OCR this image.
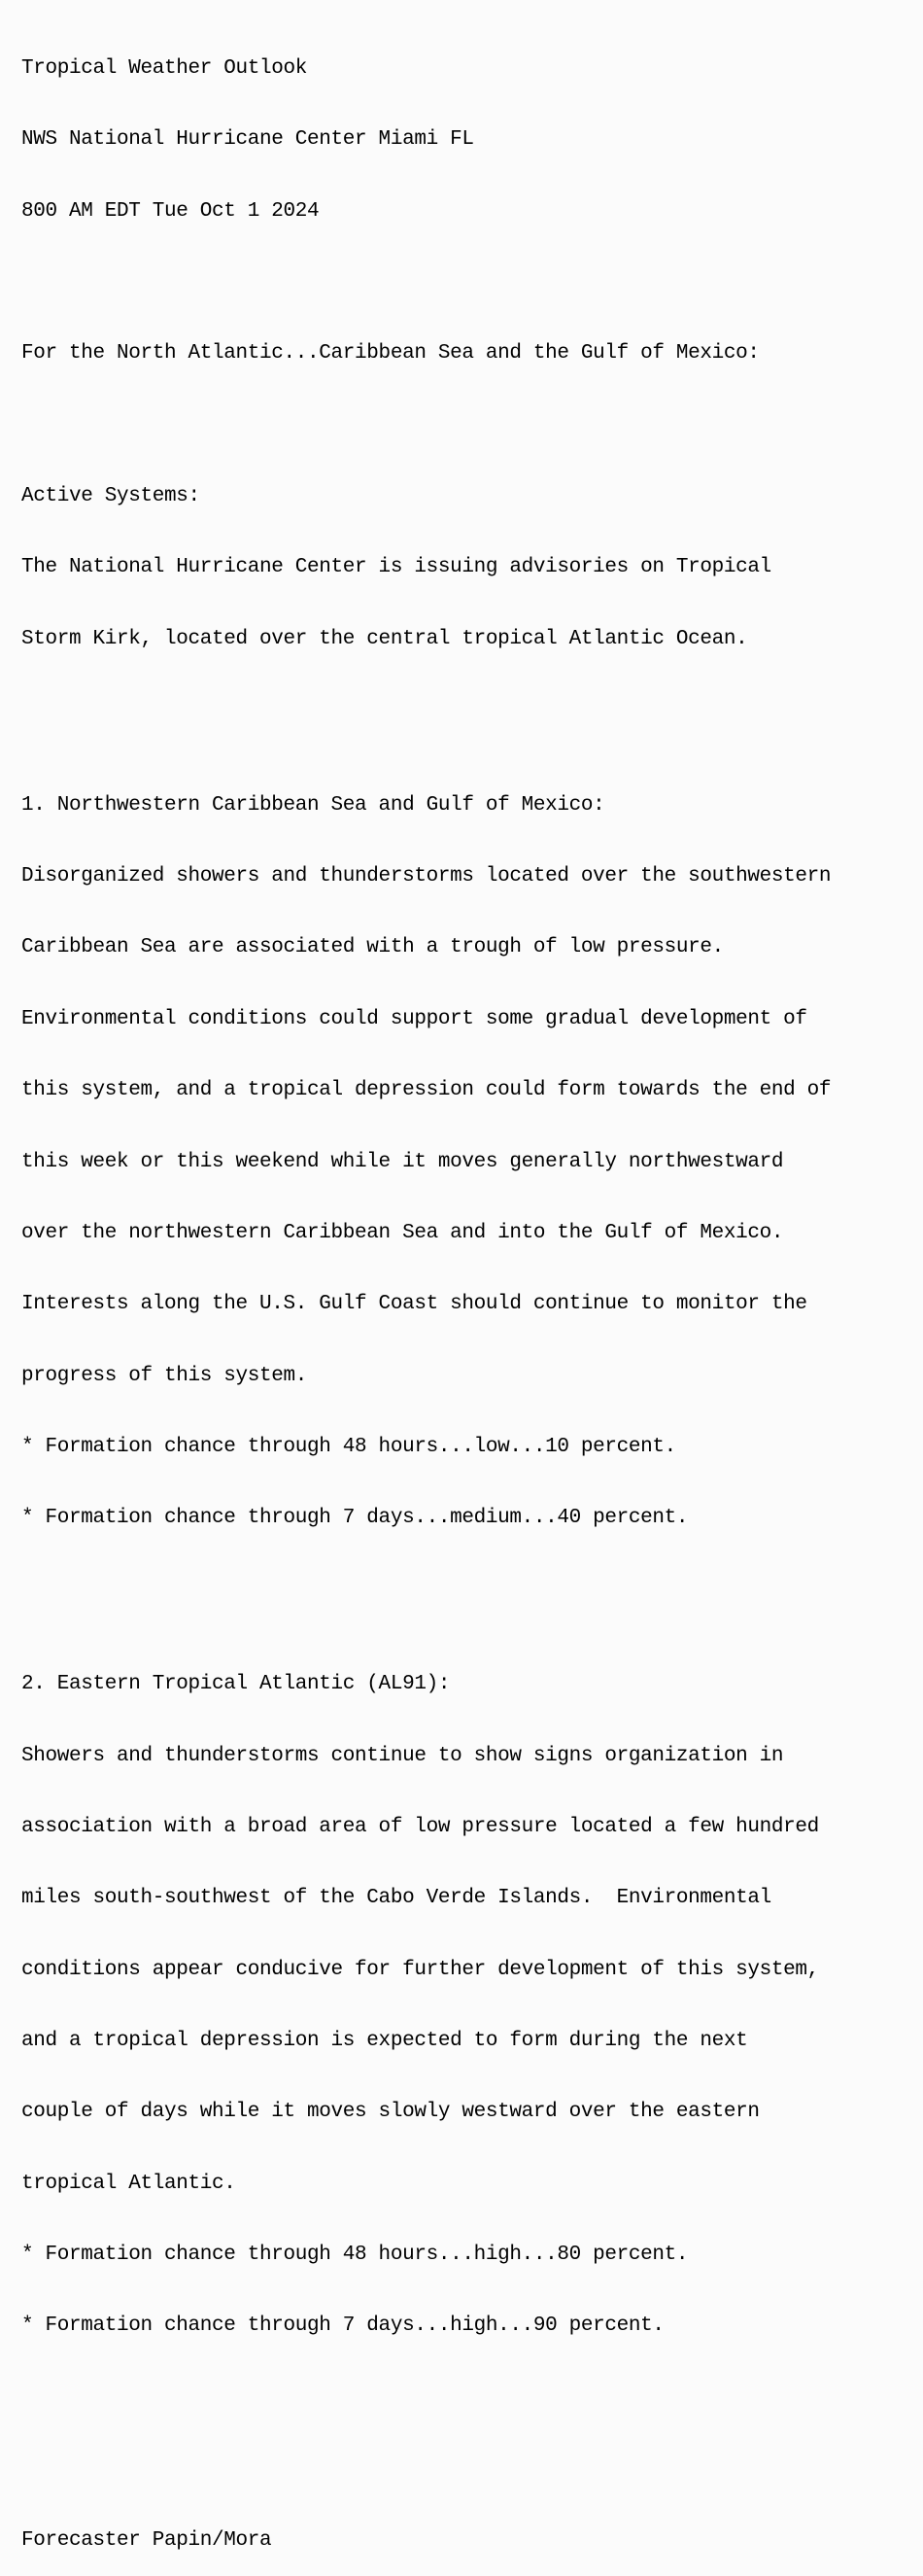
Tropical Weather Outlook

NWS National Hurricane Center Miami FL

800 AM EDT Tue Oct 1 2024

For the North Atlantic...Caribbean Sea and the Gulf of Mexico:

Active Systems:

The National Hurricane Center is issuing advisories on Tropical

Storm Kirk, located over the central tropical Atlantic Ocean.

1. Northwestern Caribbean Sea and Gulf of Mexico:

Disorganized showers and thunderstorms located over the southwestern

Caribbean Sea are associated with a trough of low pressure.

Environmental conditions could support some gradual development of

this system, and a tropical depression could form towards the end of

this week or this weekend while it moves generally northwestward

over the northwestern Caribbean Sea and into the Gulf of Mexico.

Interests along the U.S. Gulf Coast should continue to monitor the

progress of this system.

* Formation chance through 48 hours...low...10 percent.

* Formation chance through 7 days...medium...40 percent.

2. Eastern Tropical Atlantic (AL91):

Showers and thunderstorms continue to show signs organization in

association with a broad area of low pressure located a few hundred

miles south-southwest of the Cabo Verde Islands.  Environmental

conditions appear conducive for further development of this system,

and a tropical depression is expected to form during the next

couple of days while it moves slowly westward over the eastern

tropical Atlantic.

* Formation chance through 48 hours...high...80 percent.

* Formation chance through 7 days...high...90 percent.

Forecaster Papin/Mora
